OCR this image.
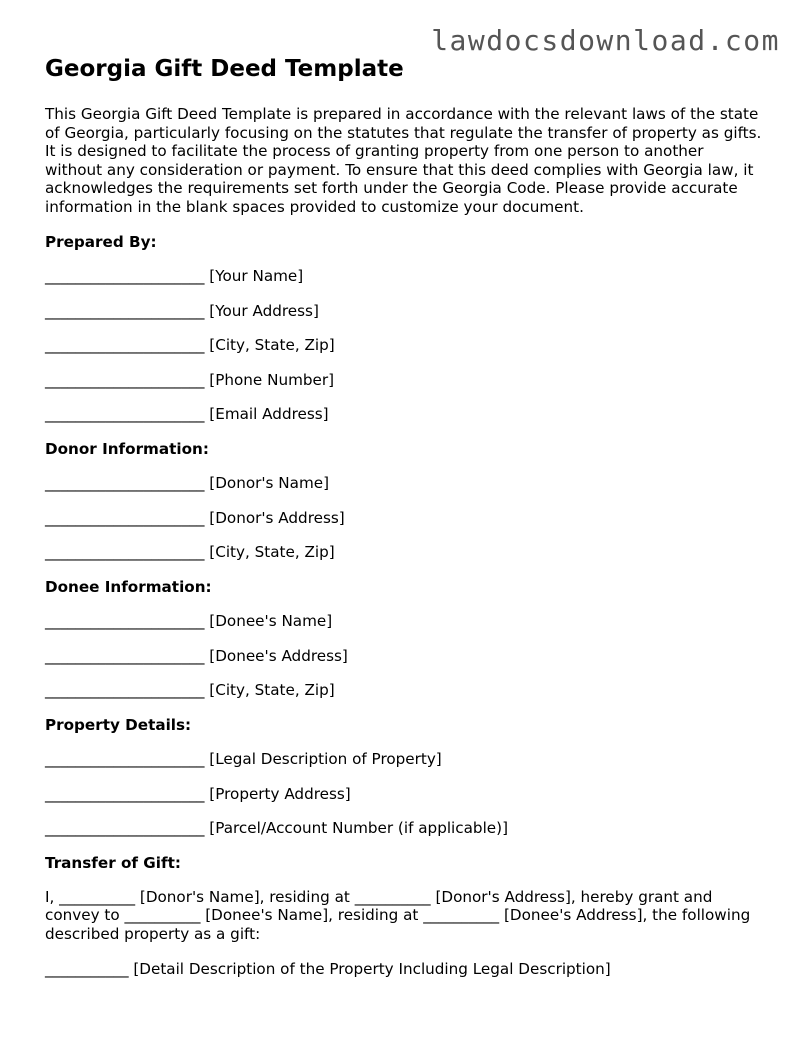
lawdocsdownload.com
Georgia Gift Deed Template

This Georgia Gift Deed Template is prepared in accordance with the relevant laws of the state of Georgia, particularly focusing on the statutes that regulate the transfer of property as gifts. It is designed to facilitate the process of granting property from one person to another without any consideration or payment. To ensure that this deed complies with Georgia law, it acknowledges the requirements set forth under the Georgia Code. Please provide accurate information in the blank spaces provided to customize your document.

Prepared By:

_____________________ [Your Name]
_____________________ [Your Address]
_____________________ [City, State, Zip]
_____________________ [Phone Number]
_____________________ [Email Address]

Donor Information:

_____________________ [Donor's Name]
_____________________ [Donor's Address]
_____________________ [City, State, Zip]

Donee Information:

_____________________ [Donee's Name]
_____________________ [Donee's Address]
_____________________ [City, State, Zip]

Property Details:

_____________________ [Legal Description of Property]
_____________________ [Property Address]
_____________________ [Parcel/Account Number (if applicable)]

Transfer of Gift:

I, __________ [Donor's Name], residing at __________ [Donor's Address], hereby grant and convey to __________ [Donee's Name], residing at __________ [Donee's Address], the following described property as a gift:

___________ [Detail Description of the Property Including Legal Description]
